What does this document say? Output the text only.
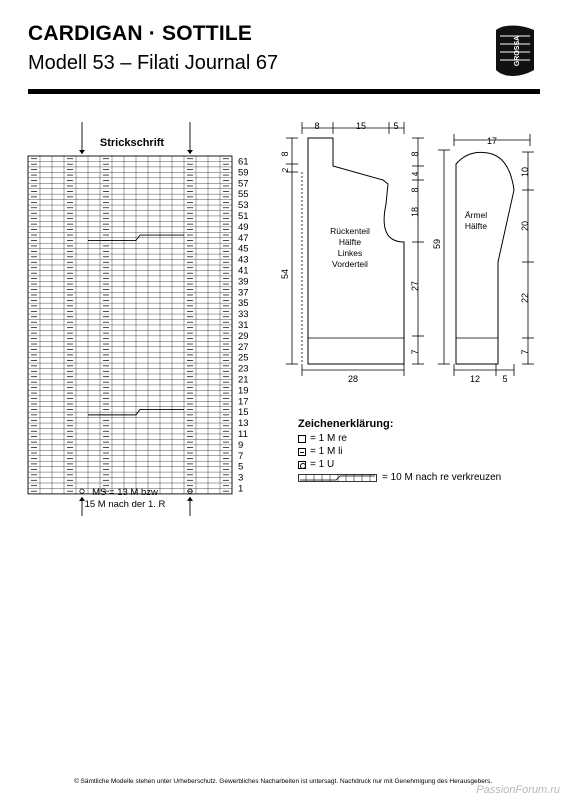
CARDIGAN · SOTTILE
Modell 53 – Filati Journal 67	GROSSA
Strickschrift
61
59
57
55
53
51
49
47
45
43
41
39
37
35
33
31
29
27
25
23
21
19
17
15
13
11
9
7
5
3
1
MS = 13 M bzw
15 M nach der 1. R
8	15	5
8
2
54
8
4
8
18
27
7
28
Rückenteil
Hälfte
Linkes
Vorderteil
17
59
10
20
22
7
12 5
Ärmel
Hälfte
Zeichenerklärung:
= 1 M re
= 1 M li
= 1 U
= 10 M nach re verkreuzen
© Sämtliche Modelle stehen unter Urheberschutz. Gewerbliches Nacharbeiten ist untersagt. Nachdruck nur mit Genehmigung des Herausgebers.
PassionForum.ru
